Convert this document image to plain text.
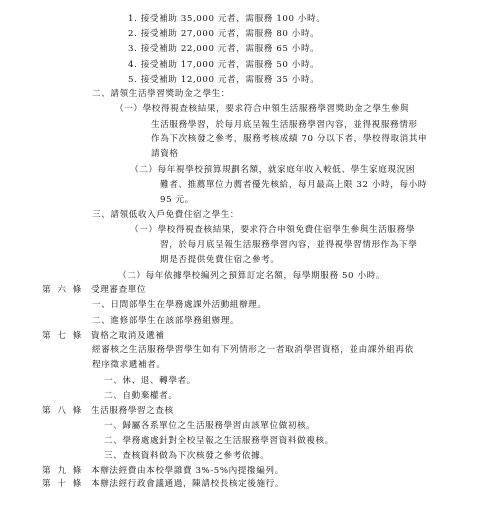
1. 接受補助 35,000 元者，需服務 100 小時。
2. 接受補助 27,000 元者，需服務 80 小時。
3. 接受補助 22,000 元者，需服務 65 小時。
4. 接受補助 17,000 元者，需服務 50 小時。
5. 接受補助 12,000 元者，需服務 35 小時。
二、請領生活學習獎助金之學生：
（一）學校得視查核結果，要求符合申領生活服務學習獎助金之學生參與
生活服務學習，於每月底呈報生活服務學習內容，並得視服務情形
作為下次核發之參考，服務考核成績 70 分以下者，學校得取消其申
請資格
（二）每年視學校預算規劃名額，就家庭年收入較低、學生家庭現況困
難者、推薦單位力薦者優先核給，每月最高上限 32 小時，每小時
95 元。
三、請領低收入戶免費住宿之學生：
（一）學校得視查核結果，要求符合申領免費住宿學生參與生活服務學
習，於每月底呈報生活服務學習內容，並得視學習情形作為下學
期是否提供免費住宿之參考。
（二）每年依據學校編列之預算訂定名額，每學期服務 50 小時。
第 六 條 受理審查單位
一、日間部學生在學務處課外活動組辦理。
二、進修部學生在該部學務組辦理。
第 七 條 資格之取消及遞補
經審核之生活服務學習學生如有下列情形之一者取消學習資格，並由課外組再依
程序徵求遞補者。
一、休、退、轉學者。
二、自動棄權者。
第 八 條 生活服務學習之查核
一、歸屬各系單位之生活服務學習由該單位做初核。
二、學務處處針對全校呈報之生活服務學習資料做複核。
三、查核資料做為下次核發之參考依據。
第 九 條 本辦法經費由本校學雜費 3%-5%內提撥編列。
第 十 條 本辦法經行政會議通過，陳請校長核定後施行。
